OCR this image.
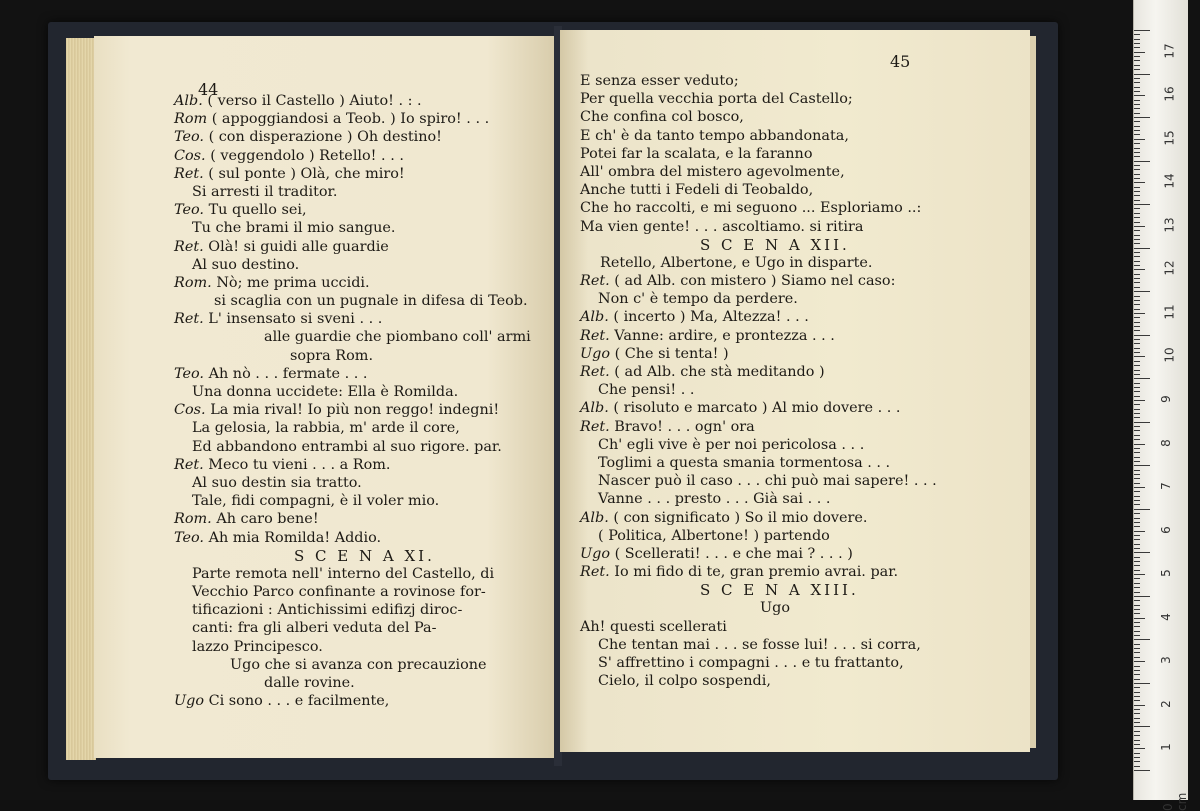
44
Alb. ( verso il Castello ) Aiuto! . : .
Rom ( appoggiandosi a Teob. ) Io spiro! . . .
Teo. ( con disperazione ) Oh destino!
Cos. ( veggendolo ) Retello! . . .
Ret. ( sul ponte ) Olà, che miro!
Si arresti il traditor.
Teo. Tu quello sei,
Tu che brami il mio sangue.
Ret. Olà! si guidi alle guardie
Al suo destino.
Rom. Nò; me prima uccidi.
si scaglia con un pugnale in difesa di Teob.
Ret. L' insensato si sveni . . .
alle guardie che piombano coll' armi
sopra Rom.
Teo. Ah nò . . . fermate . . .
Una donna uccidete: Ella è Romilda.
Cos. La mia rival! Io più non reggo! indegni!
La gelosia, la rabbia, m' arde il core,
Ed abbandono entrambi al suo rigore. par.
Ret. Meco tu vieni . . . a Rom.
Al suo destin sia tratto.
Tale, fidi compagni, è il voler mio.
Rom. Ah caro bene!
Teo. Ah mia Romilda! Addio.
S C E N A XI.
Parte remota nell' interno del Castello, di
Vecchio Parco confinante a rovinose for-
tificazioni : Antichissimi edifizj diroc-
canti: fra gli alberi veduta del Pa-
lazzo Principesco.
Ugo che si avanza con precauzione
dalle rovine.
Ugo Ci sono . . . e facilmente,
45
E senza esser veduto;
Per quella vecchia porta del Castello;
Che confina col bosco,
E ch' è da tanto tempo abbandonata,
Potei far la scalata, e la faranno
All' ombra del mistero agevolmente,
Anche tutti i Fedeli di Teobaldo,
Che ho raccolti, e mi seguono ... Esploriamo ..:
Ma vien gente! . . . ascoltiamo. si ritira
S C E N A XII.
Retello, Albertone, e Ugo in disparte.
Ret. ( ad Alb. con mistero ) Siamo nel caso:
Non c' è tempo da perdere.
Alb. ( incerto ) Ma, Altezza! . . .
Ret. Vanne: ardire, e prontezza . . .
Ugo ( Che si tenta! )
Ret. ( ad Alb. che stà meditando )
Che pensi! . .
Alb. ( risoluto e marcato ) Al mio dovere . . .
Ret. Bravo! . . . ogn' ora
Ch' egli vive è per noi pericolosa . . .
Toglimi a questa smania tormentosa . . .
Nascer può il caso . . . chi può mai sapere! . . .
Vanne . . . presto . . . Già sai . . .
Alb. ( con significato ) So il mio dovere.
( Politica, Albertone! ) partendo
Ugo ( Scellerati! . . . e che mai ? . . . )
Ret. Io mi fido di te, gran premio avrai. par.
S C E N A XIII.
Ugo
Ah! questi scellerati
Che tentan mai . . . se fosse lui! . . . si corra,
S' affrettino i compagni . . . e tu frattanto,
Cielo, il colpo sospendi,
17
16
15
14
13
12
11
10
9
8
7
6
5
4
3
2
1
0 cm
